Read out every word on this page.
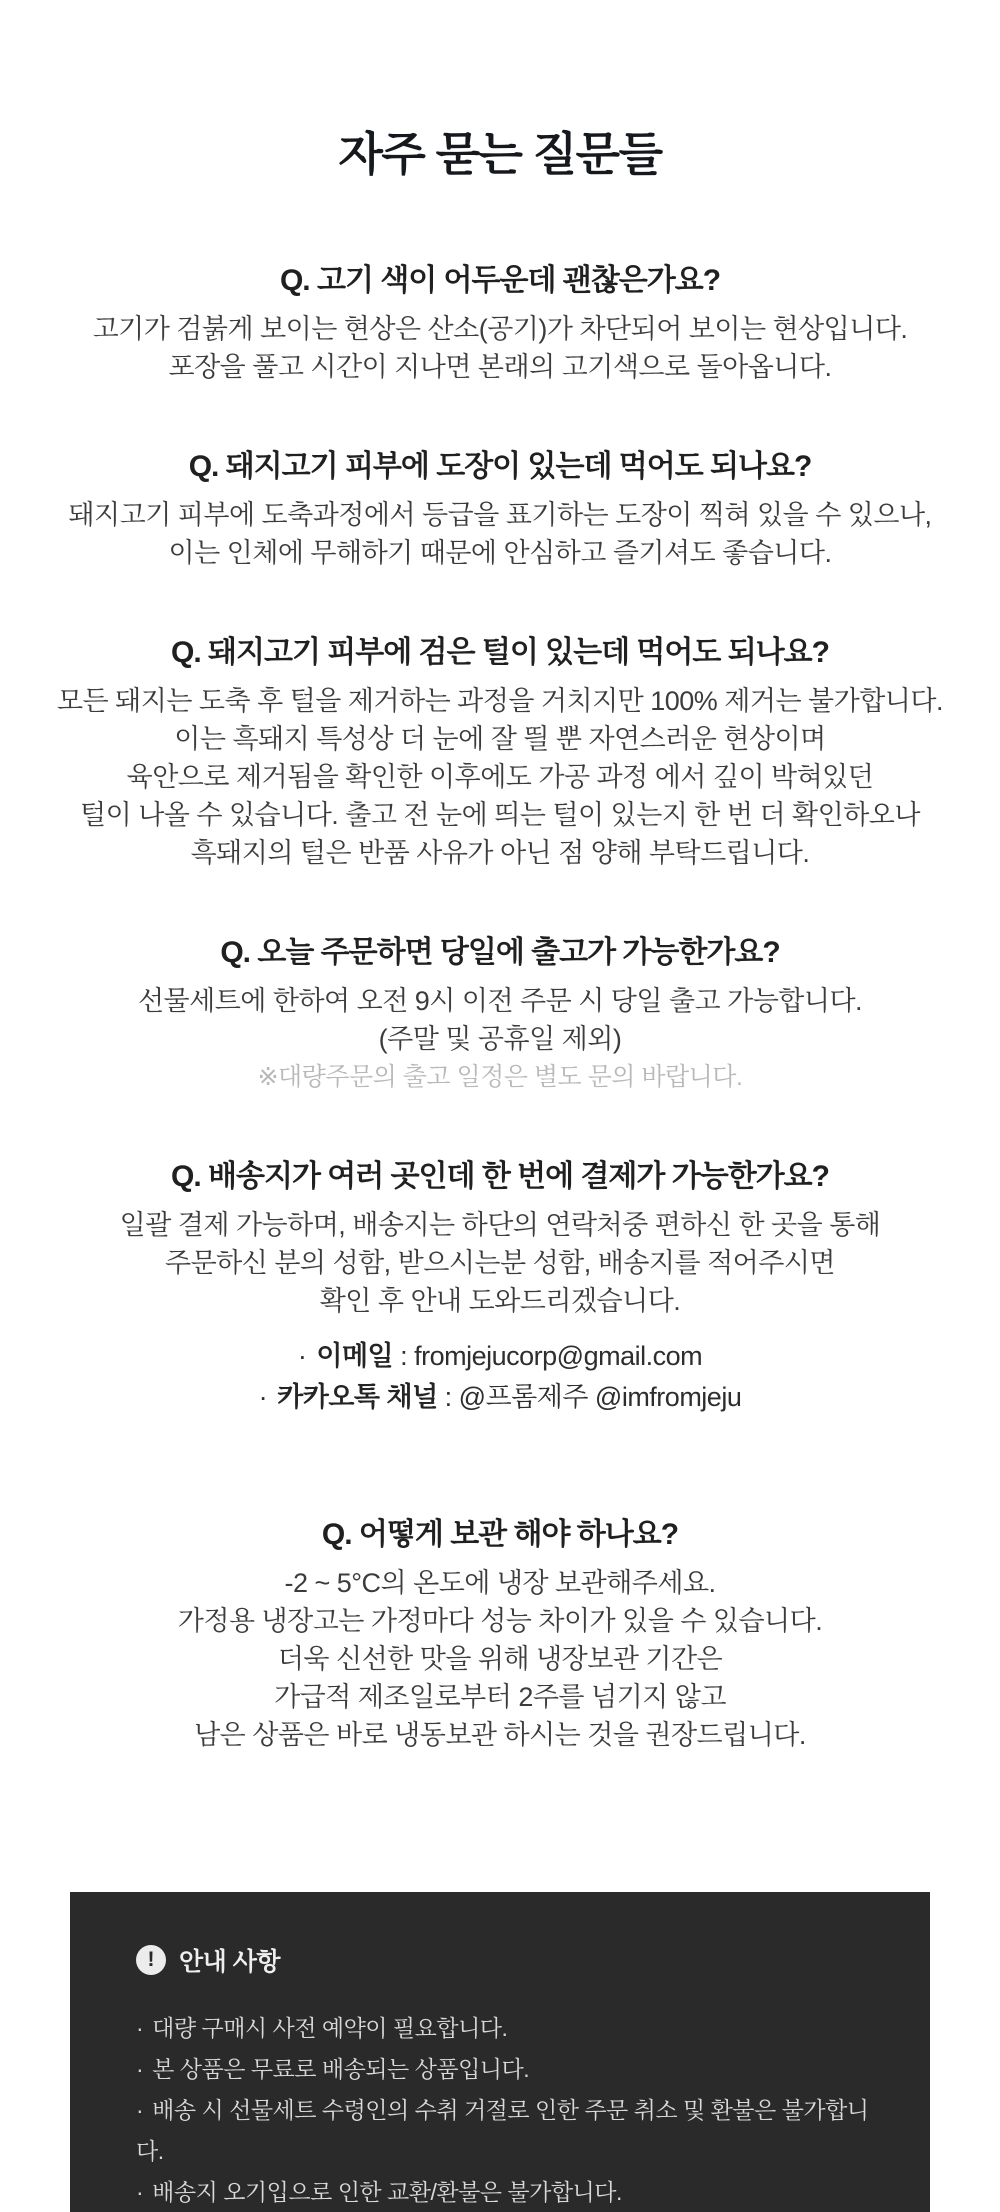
자주 묻는 질문들
Q. 고기 색이 어두운데 괜찮은가요?

고기가 검붉게 보이는 현상은 산소(공기)가 차단되어 보이는 현상입니다.

포장을 풀고 시간이 지나면 본래의 고기색으로 돌아옵니다.

Q. 돼지고기 피부에 도장이 있는데 먹어도 되나요?

돼지고기 피부에 도축과정에서 등급을 표기하는 도장이 찍혀 있을 수 있으나,

이는 인체에 무해하기 때문에 안심하고 즐기셔도 좋습니다.

Q. 돼지고기 피부에 검은 털이 있는데 먹어도 되나요?

모든 돼지는 도축 후 털을 제거하는 과정을 거치지만 100% 제거는 불가합니다.

이는 흑돼지 특성상 더 눈에 잘 띌 뿐 자연스러운 현상이며

육안으로 제거됨을 확인한 이후에도 가공 과정 에서 깊이 박혀있던

털이 나올 수 있습니다. 출고 전 눈에 띄는 털이 있는지 한 번 더 확인하오나

흑돼지의 털은 반품 사유가 아닌 점 양해 부탁드립니다.

Q. 오늘 주문하면 당일에 출고가 가능한가요?

선물세트에 한하여 오전 9시 이전 주문 시 당일 출고 가능합니다.

(주말 및 공휴일 제외)

※대량주문의 출고 일정은 별도 문의 바랍니다.

Q. 배송지가 여러 곳인데 한 번에 결제가 가능한가요?

일괄 결제 가능하며, 배송지는 하단의 연락처중 편하신 한 곳을 통해

주문하신 분의 성함, 받으시는분 성함, 배송지를 적어주시면

확인 후 안내 도와드리겠습니다.

· 이메일 : fromjejucorp@gmail.com

· 카카오톡 채널 : @프롬제주 @imfromjeju

Q. 어떻게 보관 해야 하나요?

-2 ~ 5°C의 온도에 냉장 보관해주세요.

가정용 냉장고는 가정마다 성능 차이가 있을 수 있습니다.

더욱 신선한 맛을 위해 냉장보관 기간은

가급적 제조일로부터 2주를 넘기지 않고

남은 상품은 바로 냉동보관 하시는 것을 권장드립니다.

! 안내 사항

· 대량 구매시 사전 예약이 필요합니다.

· 본 상품은 무료로 배송되는 상품입니다.

· 배송 시 선물세트 수령인의 수취 거절로 인한 주문 취소 및 환불은 불가합니다.

· 배송지 오기입으로 인한 교환/환불은 불가합니다.
